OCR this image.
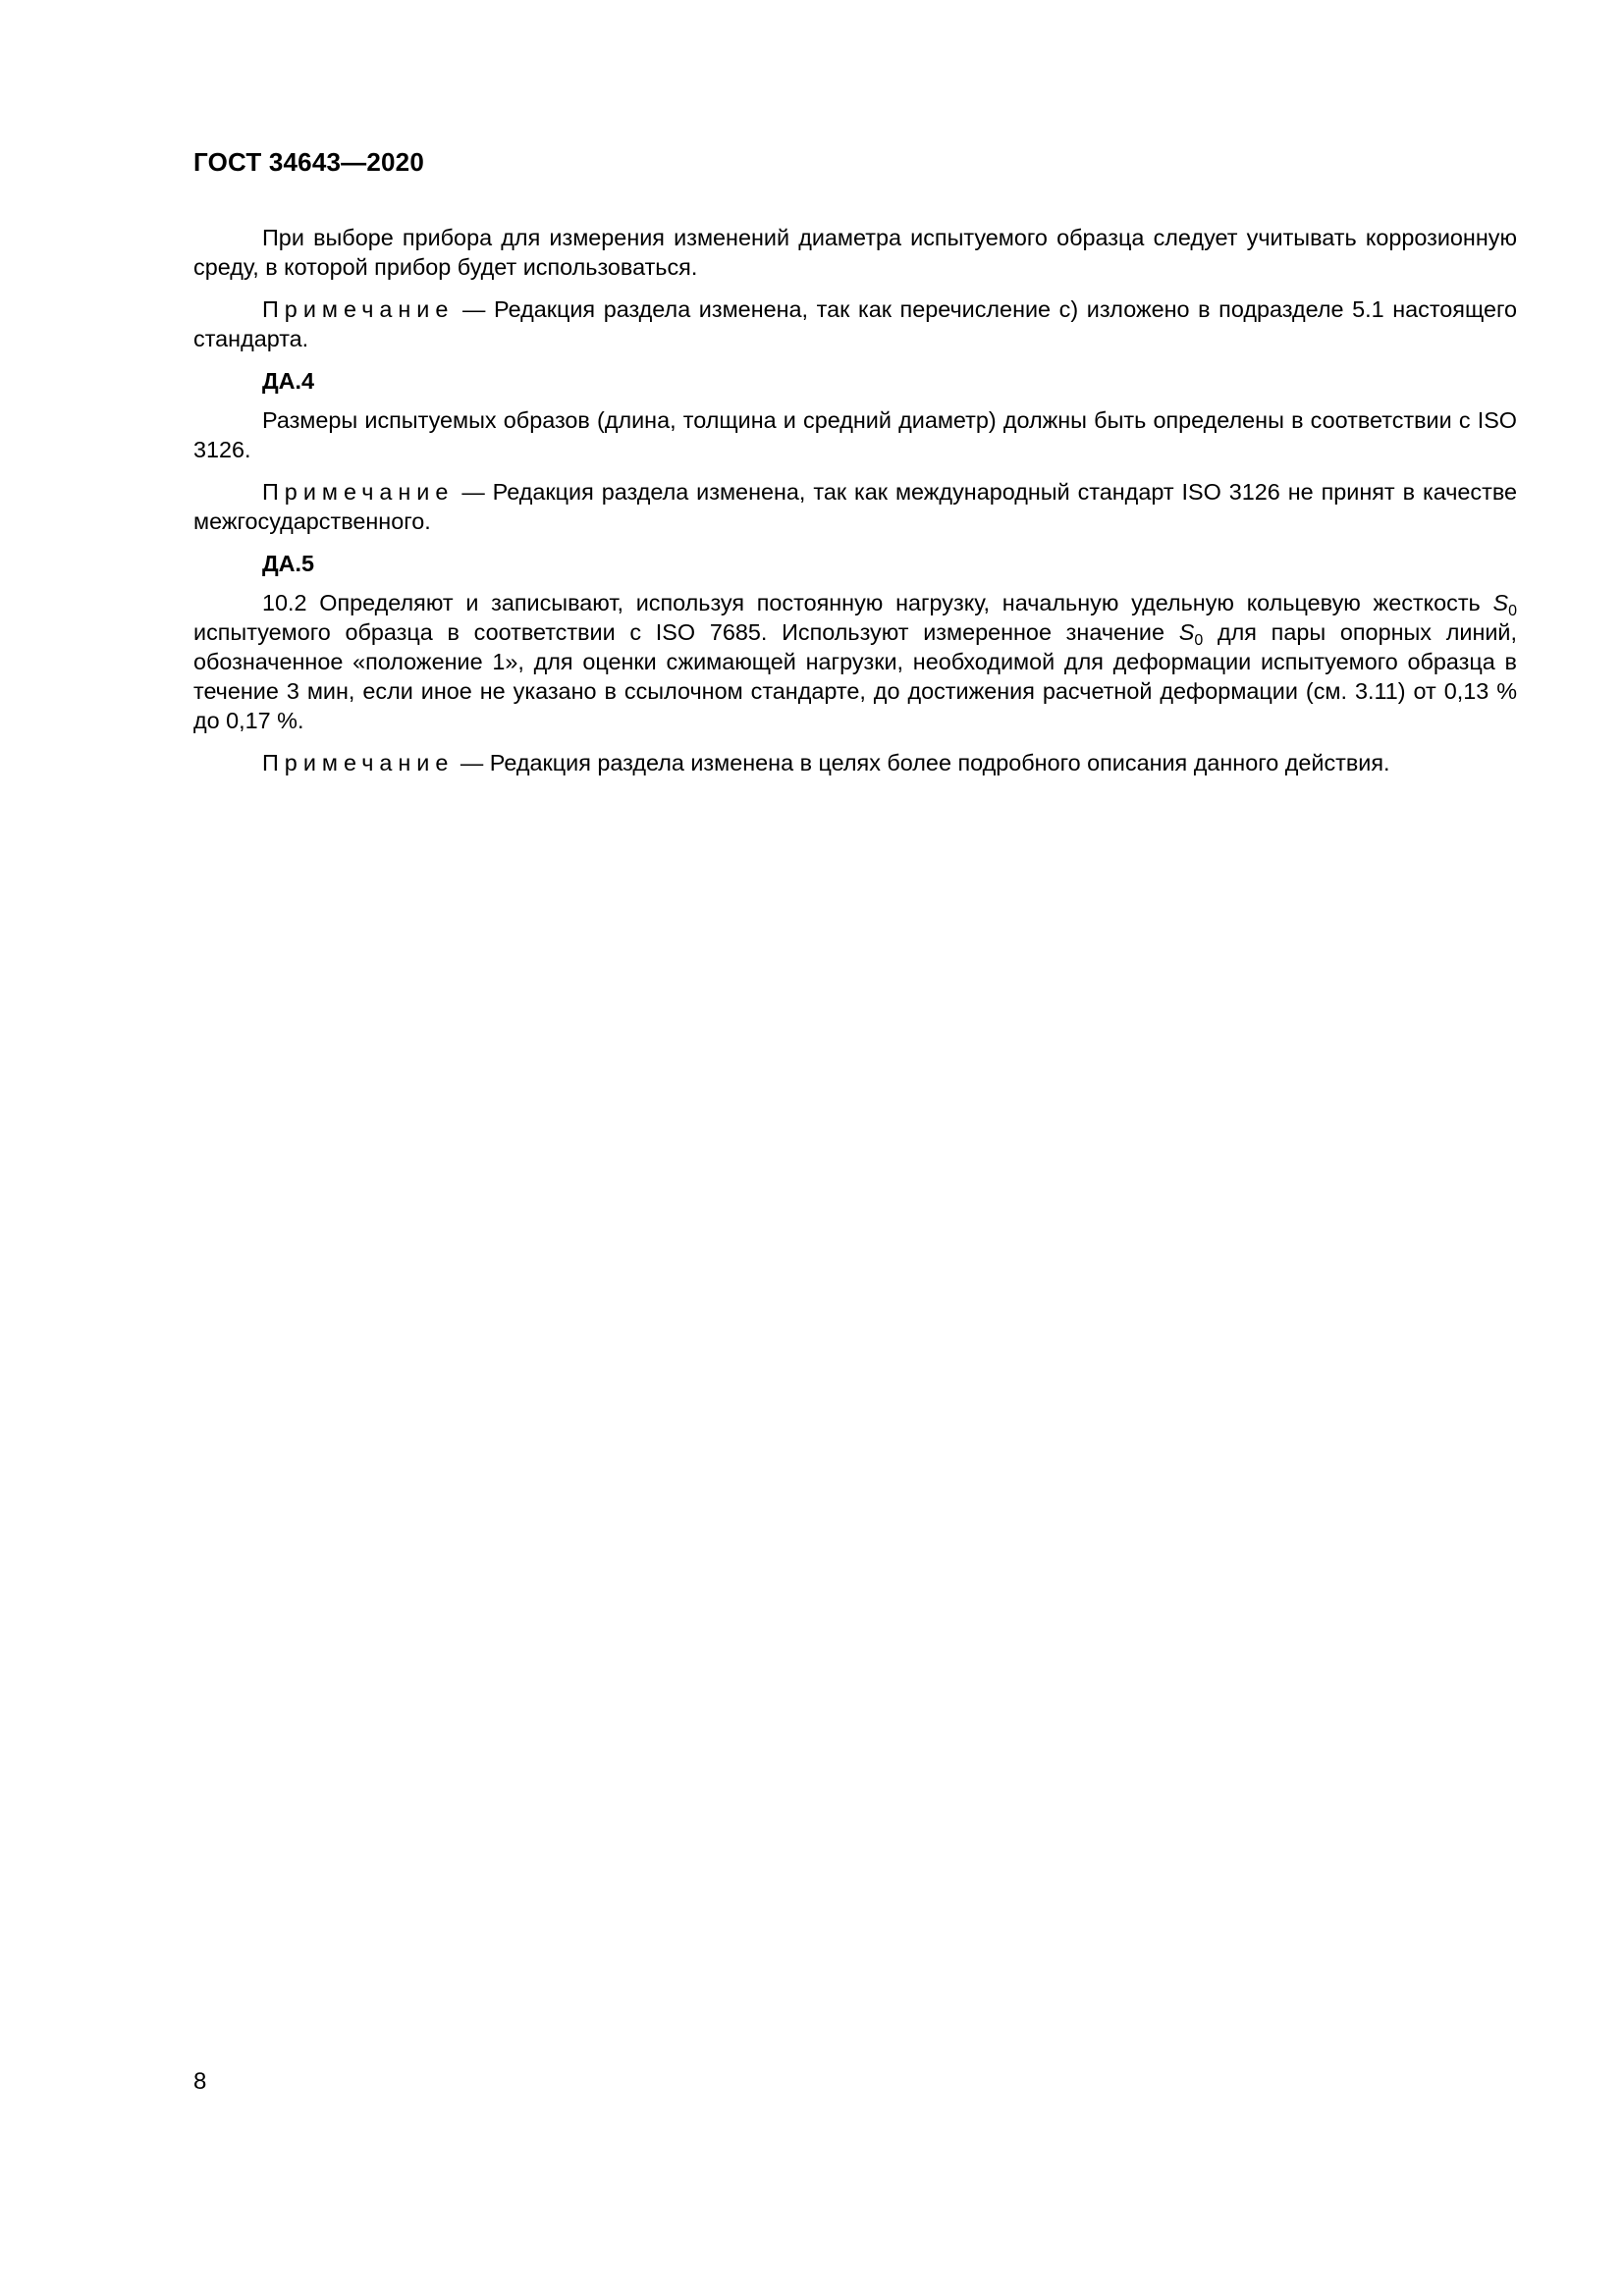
ГОСТ 34643—2020

При выборе прибора для измерения изменений диаметра испытуемого образца следует учитывать коррозионную среду, в которой прибор будет использоваться.

Примечание — Редакция раздела изменена, так как перечисление с) изложено в подразделе 5.1 настоящего стандарта.

ДА.4

Размеры испытуемых образов (длина, толщина и средний диаметр) должны быть определены в соответствии с ISO 3126.

Примечание — Редакция раздела изменена, так как международный стандарт ISO 3126 не принят в качестве межгосударственного.

ДА.5

10.2 Определяют и записывают, используя постоянную нагрузку, начальную удельную кольцевую жесткость $S_0$ испытуемого образца в соответствии с ISO 7685. Используют измеренное значение $S_0$ для пары опорных линий, обозначенное «положение 1», для оценки сжимающей нагрузки, необходимой для деформации испытуемого образца в течение 3 мин, если иное не указано в ссылочном стандарте, до достижения расчетной деформации (см. 3.11) от 0,13 % до 0,17 %.

Примечание — Редакция раздела изменена в целях более подробного описания данного действия.

8
